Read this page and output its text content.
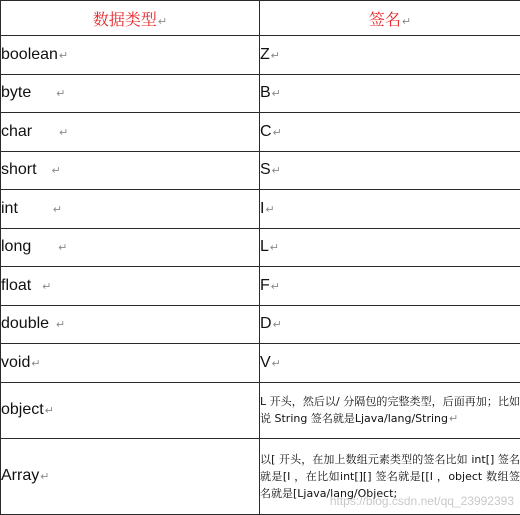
数据类型↵	签名↵
boolean↵	Z↵
byte ↵	B↵
char ↵	C↵
short ↵	S↵
int ↵	I↵
long ↵	L↵
float ↵	F↵
double ↵	D↵
void↵	V↵
object↵	L 开头，然后以/ 分隔包的完整类型，后面再加；比如说 String 签名就是Ljava/lang/String↵
Array↵	以[ 开头，在加上数组元素类型的签名比如 int[] 签名就是[I ，在比如int[][] 签名就是[[I ，object 数组签名就是[Ljava/lang/Object;
https://blog.csdn.net/qq_23992393
